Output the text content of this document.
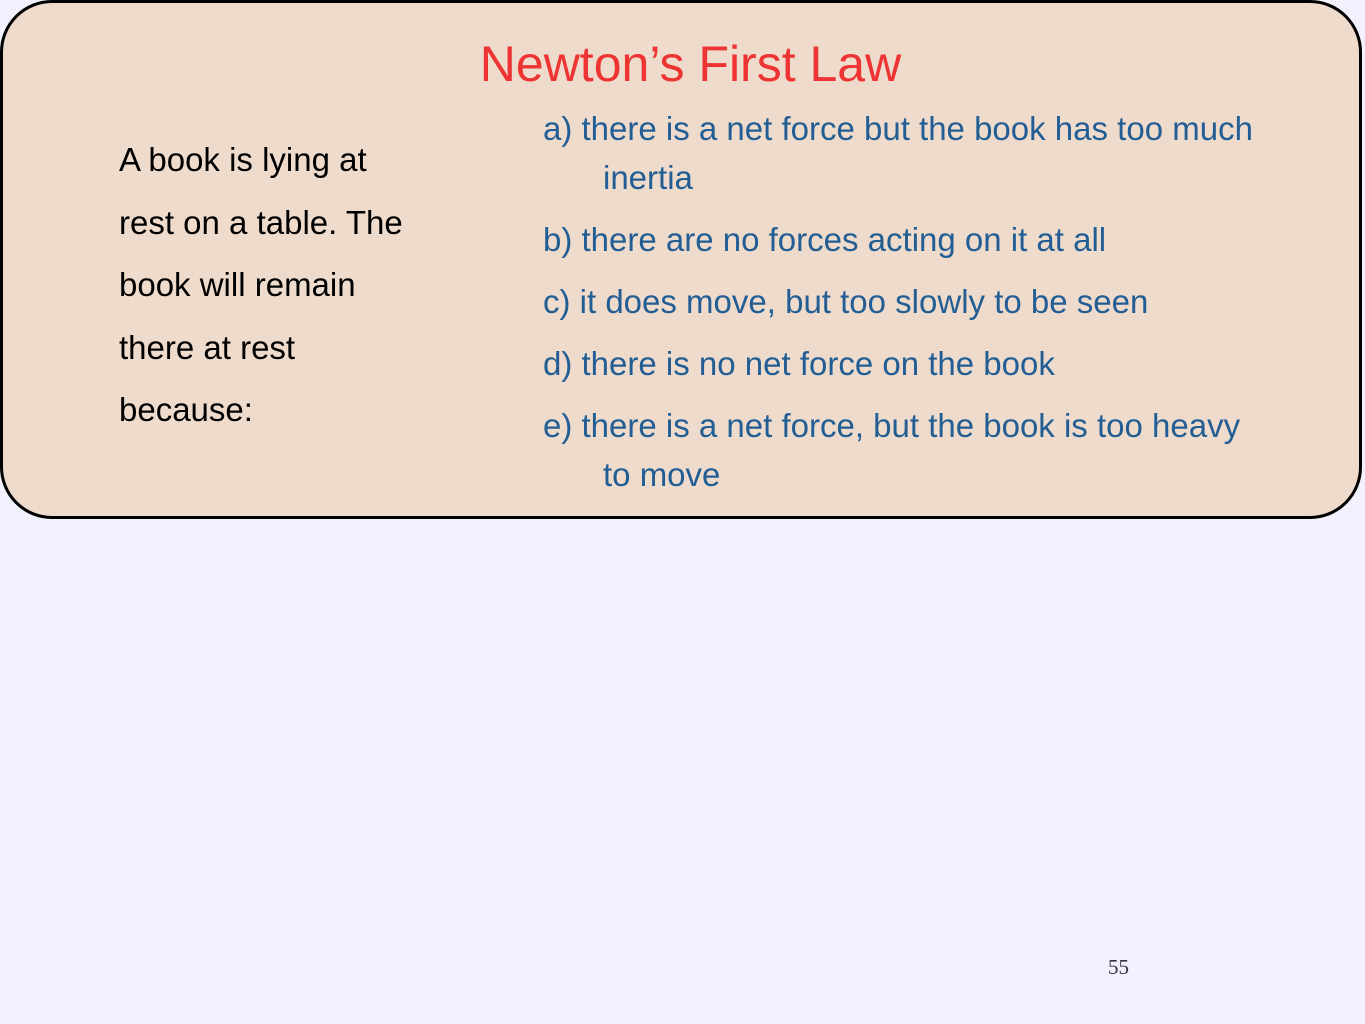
Newton’s First Law
A book is lying at
rest on a table. The
book will remain
there at rest
because:
a) there is a net force but the book has too much
inertia
b) there are no forces acting on it at all
c) it does move, but too slowly to be seen
d) there is no net force on the book
e) there is a net force, but the book is too heavy
to move
55
